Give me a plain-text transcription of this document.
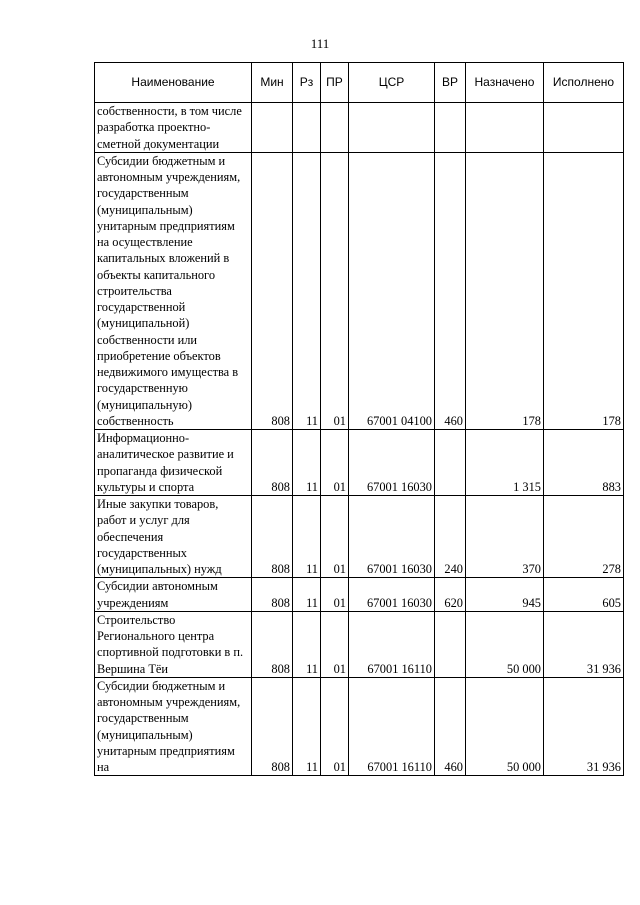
111
Наименование	Мин	Рз	ПР	ЦСР	ВР	Назначено	Исполнено
собственности, в том числе разработка проектно-сметной документации							
Субсидии бюджетным и автономным учреждениям, государственным (муниципальным) унитарным предприятиям на осуществление капитальных вложений в объекты капитального строительства государственной (муниципальной) собственности или приобретение объектов недвижимого имущества в государственную (муниципальную) собственность	808	11	01	67001 04100	460	178	178
Информационно-аналитическое развитие и пропаганда физической культуры и спорта	808	11	01	67001 16030		1 315	883
Иные закупки товаров, работ и услуг для обеспечения государственных (муниципальных) нужд	808	11	01	67001 16030	240	370	278
Субсидии автономным учреждениям	808	11	01	67001 16030	620	945	605
Строительство Регионального центра спортивной подготовки в п. Вершина Тёи	808	11	01	67001 16110		50 000	31 936
Субсидии бюджетным и автономным учреждениям, государственным (муниципальным) унитарным предприятиям на	808	11	01	67001 16110	460	50 000	31 936
